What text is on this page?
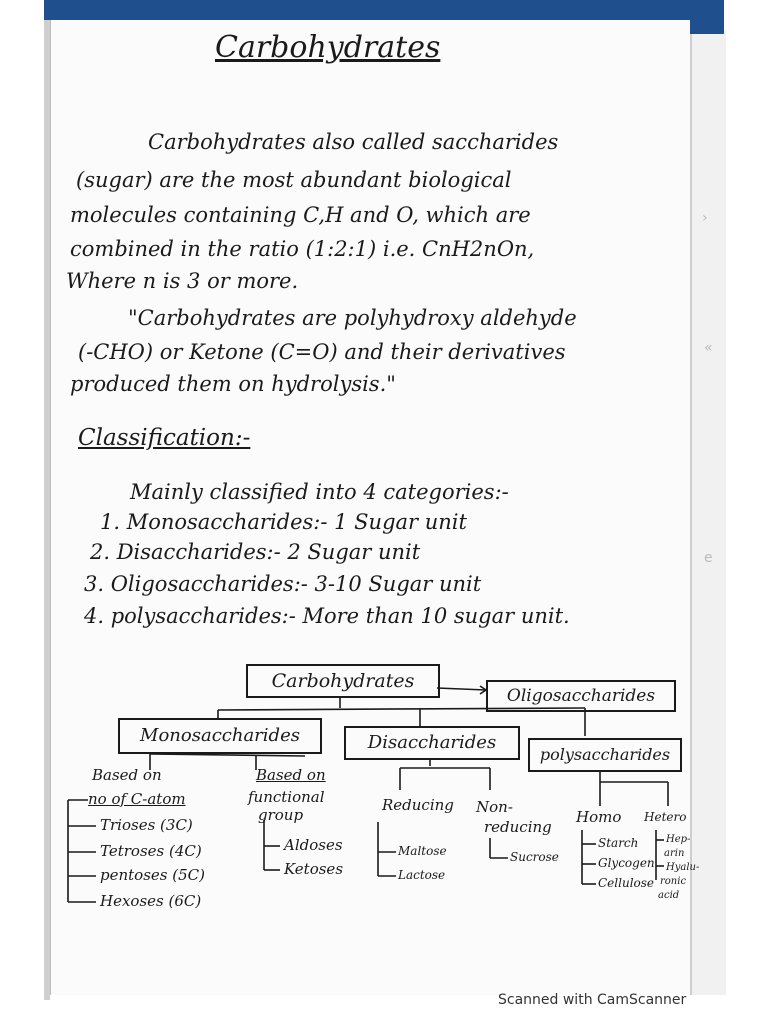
›
«
e
Carbohydrates
Carbohydrates also called saccharides
(sugar) are the most abundant biological
molecules containing C,H and O, which are
combined in the ratio (1:2:1) i.e. CnH2nOn,
Where n is 3 or more.
"Carbohydrates are polyhydroxy aldehyde
(-CHO) or Ketone (C=O) and their derivatives
produced them on hydrolysis."
Classification:-
Mainly classified into 4 categories:-
1. Monosaccharides:- 1 Sugar unit
2. Disaccharides:- 2 Sugar unit
3. Oligosaccharides:- 3-10 Sugar unit
4. polysaccharides:- More than 10 sugar unit.
Carbohydrates
Oligosaccharides
Monosaccharides	Disaccharides
polysaccharides
Based on
no of C-atom
Based on
functional
group
Trioses (3C)
Tetroses (4C)
pentoses (5C)
Hexoses (6C)
Aldoses
Ketoses
Reducing Non-
reducing
Maltose
Lactose
Sucrose
Homo Hetero
Starch
Glycogen
Cellulose
Hep-
arin
Hyalu-
ronic
acid
Scanned with CamScanner
